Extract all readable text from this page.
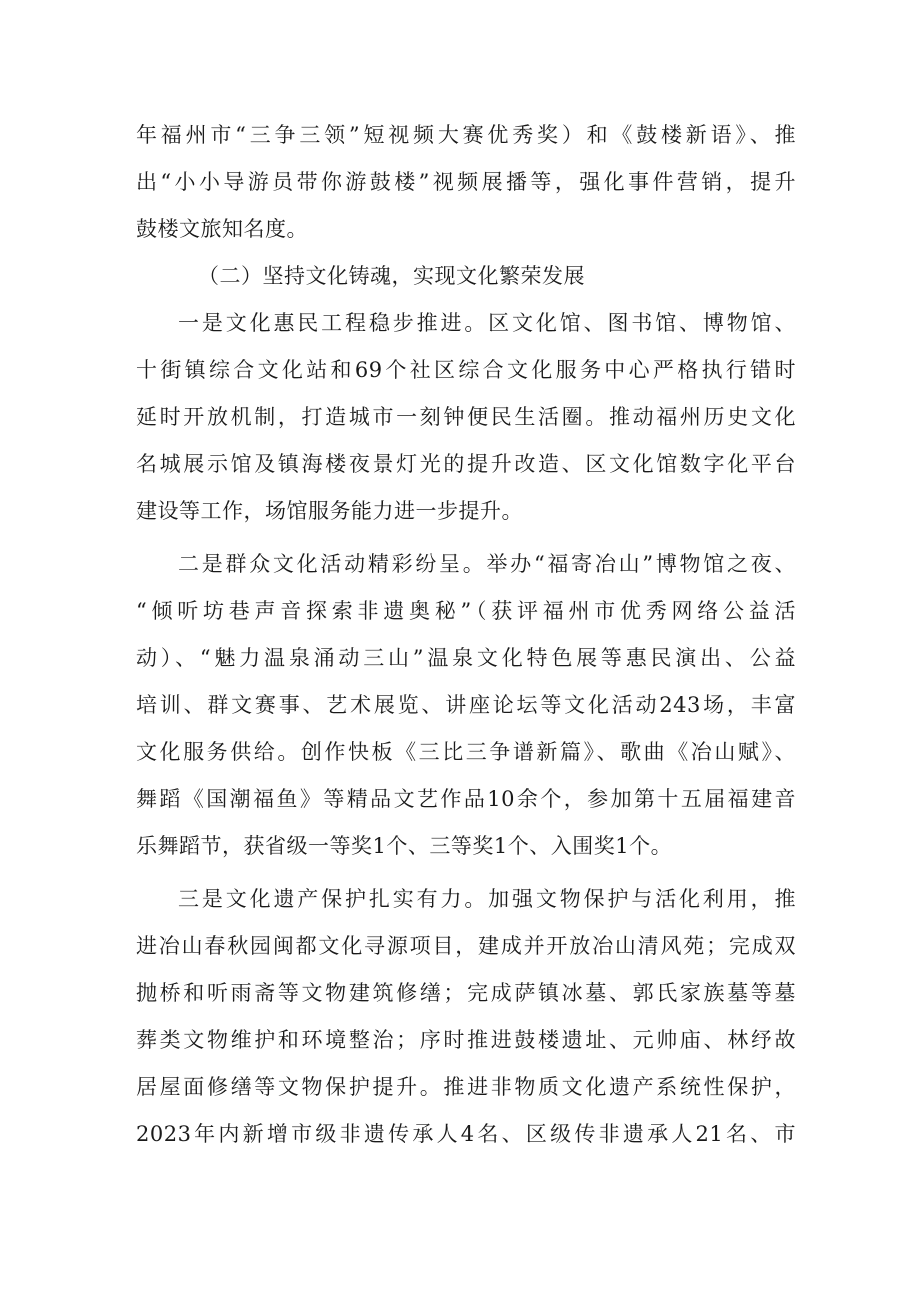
年福州市“三争三领”短视频大赛优秀奖）和《鼓楼新语》、推
出“小小导游员带你游鼓楼”视频展播等，强化事件营销，提升
鼓楼文旅知名度。
（二）坚持文化铸魂，实现文化繁荣发展
一是文化惠民工程稳步推进。区文化馆、图书馆、博物馆、
十街镇综合文化站和69个社区综合文化服务中心严格执行错时
延时开放机制，打造城市一刻钟便民生活圈。推动福州历史文化
名城展示馆及镇海楼夜景灯光的提升改造、区文化馆数字化平台
建设等工作，场馆服务能力进一步提升。
二是群众文化活动精彩纷呈。举办“福寄冶山”博物馆之夜、
“倾听坊巷声音探索非遗奥秘”（获评福州市优秀网络公益活
动）、“魅力温泉涌动三山”温泉文化特色展等惠民演出、公益
培训、群文赛事、艺术展览、讲座论坛等文化活动243场，丰富
文化服务供给。创作快板《三比三争谱新篇》、歌曲《冶山赋》、
舞蹈《国潮福鱼》等精品文艺作品10余个，参加第十五届福建音
乐舞蹈节，获省级一等奖1个、三等奖1个、入围奖1个。
三是文化遗产保护扎实有力。加强文物保护与活化利用，推
进冶山春秋园闽都文化寻源项目，建成并开放冶山清风苑；完成双
抛桥和听雨斋等文物建筑修缮；完成萨镇冰墓、郭氏家族墓等墓
葬类文物维护和环境整治；序时推进鼓楼遗址、元帅庙、林纾故
居屋面修缮等文物保护提升。推进非物质文化遗产系统性保护，
2023年内新增市级非遗传承人4名、区级传非遗承人21名、市
